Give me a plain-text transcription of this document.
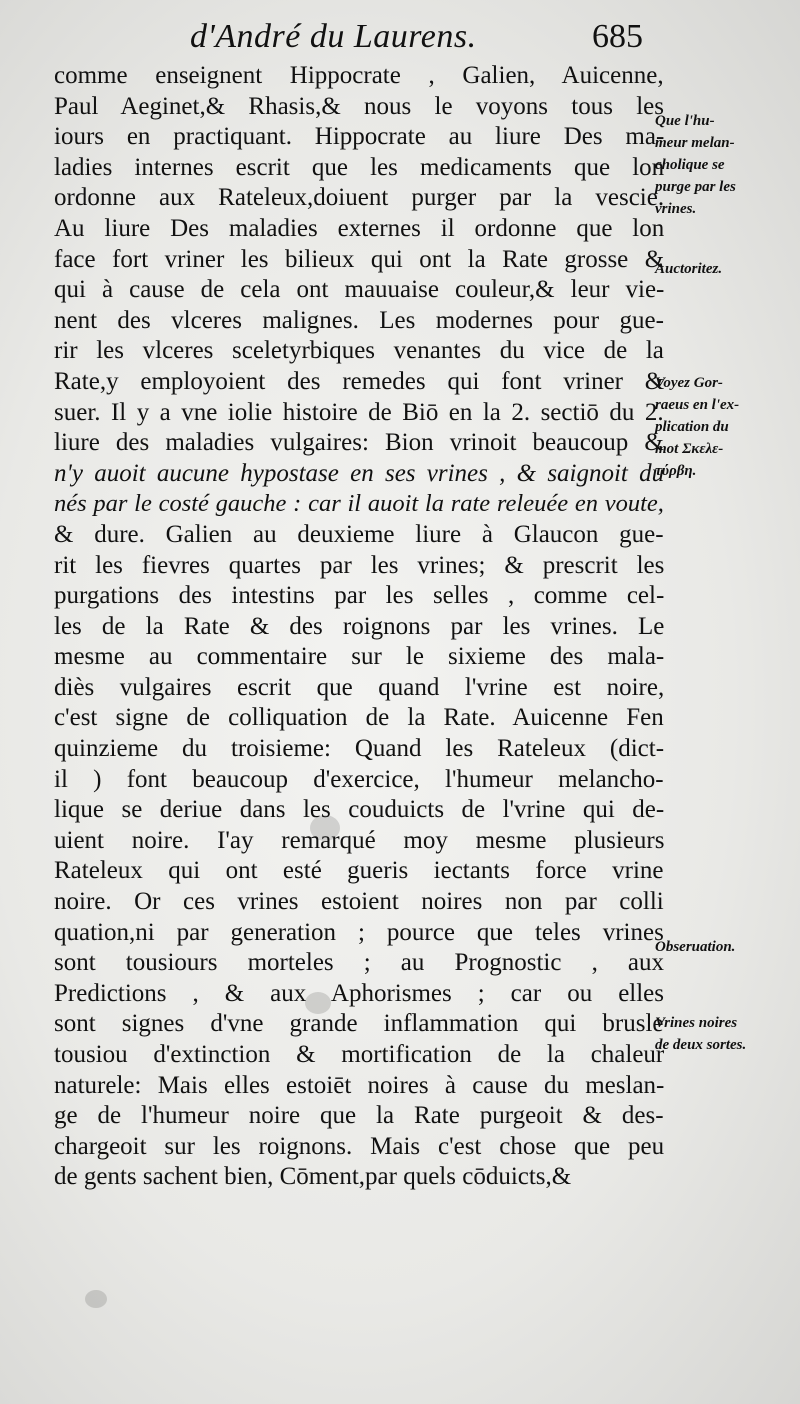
d'André du Laurens.	685
comme enseignent Hippocrate , Galien, Auicenne,
Paul Aeginet,& Rhasis,& nous le voyons tous les
iours en practiquant. Hippocrate au liure Des ma-
ladies internes escrit que les medicaments que lon
ordonne aux Rateleux,doiuent purger par la vescie.
Au liure Des maladies externes il ordonne que lon
face fort vriner les bilieux qui ont la Rate grosse &
qui à cause de cela ont mauuaise couleur,& leur vie-
nent des vlceres malignes. Les modernes pour gue-
rir les vlceres sceletyrbiques venantes du vice de la
Rate,y employoient des remedes qui font vriner &
suer. Il y a vne iolie histoire de Biō en la 2. sectiō du 2.
liure des maladies vulgaires: Bion vrinoit beaucoup &
n'y auoit aucune hypostase en ses vrines , & saignoit du
nés par le costé gauche : car il auoit la rate releuée en voute,
& dure. Galien au deuxieme liure à Glaucon gue-
rit les fievres quartes par les vrines; & prescrit les
purgations des intestins par les selles , comme cel-
les de la Rate & des roignons par les vrines. Le
mesme au commentaire sur le sixieme des mala-
diès vulgaires escrit que quand l'vrine est noire,
c'est signe de colliquation de la Rate. Auicenne Fen
quinzieme du troisieme: Quand les Rateleux (dict-
il ) font beaucoup d'exercice, l'humeur melancho-
lique se deriue dans les couduicts de l'vrine qui de-
uient noire. I'ay remarqué moy mesme plusieurs
Rateleux qui ont esté gueris iectants force vrine
noire. Or ces vrines estoient noires non par colli
quation,ni par generation ; pource que teles vrines
sont tousiours morteles ; au Prognostic , aux
Predictions , & aux Aphorismes ; car ou elles
sont signes d'vne grande inflammation qui brusle
tousiou d'extinction & mortification de la chaleur
naturele: Mais elles estoiēt noires à cause du meslan-
ge de l'humeur noire que la Rate purgeoit & des-
chargeoit sur les roignons. Mais c'est chose que peu
de gents sachent bien, Cōment,par quels cōduicts,&
Que l'hu-
meur melan-
cholique se
purge par les
vrines.
Auctoritez.
Voyez Gor-
raeus en l'ex-
plication du
mot Σκελε-
τύρβη.
Obseruation.
Vrines noires
de deux sortes.
